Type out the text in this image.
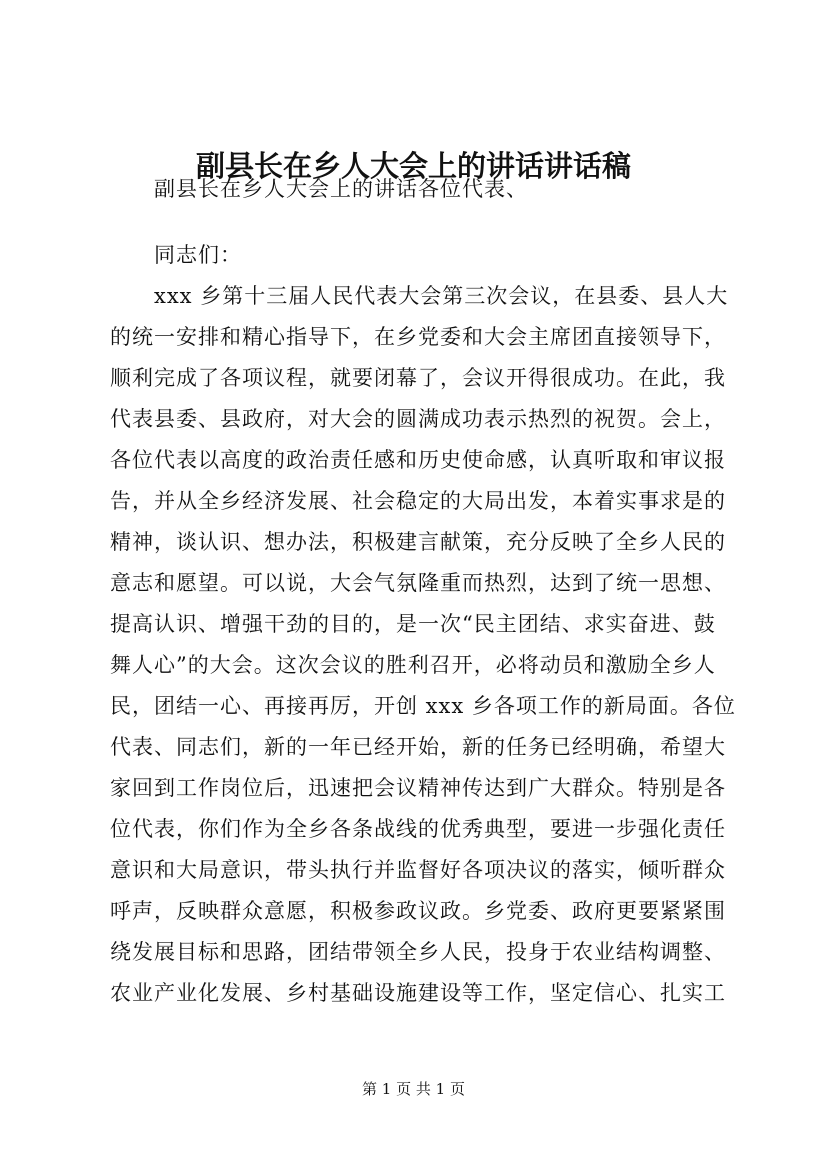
副县长在乡人大会上的讲话讲话稿
副县长在乡人大会上的讲话各位代表、
同志们：
xxx 乡第十三届人民代表大会第三次会议，在县委、县人大
的统一安排和精心指导下，在乡党委和大会主席团直接领导下，
顺利完成了各项议程，就要闭幕了，会议开得很成功。在此，我
代表县委、县政府，对大会的圆满成功表示热烈的祝贺。会上，
各位代表以高度的政治责任感和历史使命感，认真听取和审议报
告，并从全乡经济发展、社会稳定的大局出发，本着实事求是的
精神，谈认识、想办法，积极建言献策，充分反映了全乡人民的
意志和愿望。可以说，大会气氛隆重而热烈，达到了统一思想、
提高认识、增强干劲的目的，是一次“民主团结、求实奋进、鼓
舞人心”的大会。这次会议的胜利召开，必将动员和激励全乡人
民，团结一心、再接再厉，开创 xxx 乡各项工作的新局面。各位
代表、同志们，新的一年已经开始，新的任务已经明确，希望大
家回到工作岗位后，迅速把会议精神传达到广大群众。特别是各
位代表，你们作为全乡各条战线的优秀典型，要进一步强化责任
意识和大局意识，带头执行并监督好各项决议的落实，倾听群众
呼声，反映群众意愿，积极参政议政。乡党委、政府更要紧紧围
绕发展目标和思路，团结带领全乡人民，投身于农业结构调整、
农业产业化发展、乡村基础设施建设等工作，坚定信心、扎实工
第 1 页 共 1 页
